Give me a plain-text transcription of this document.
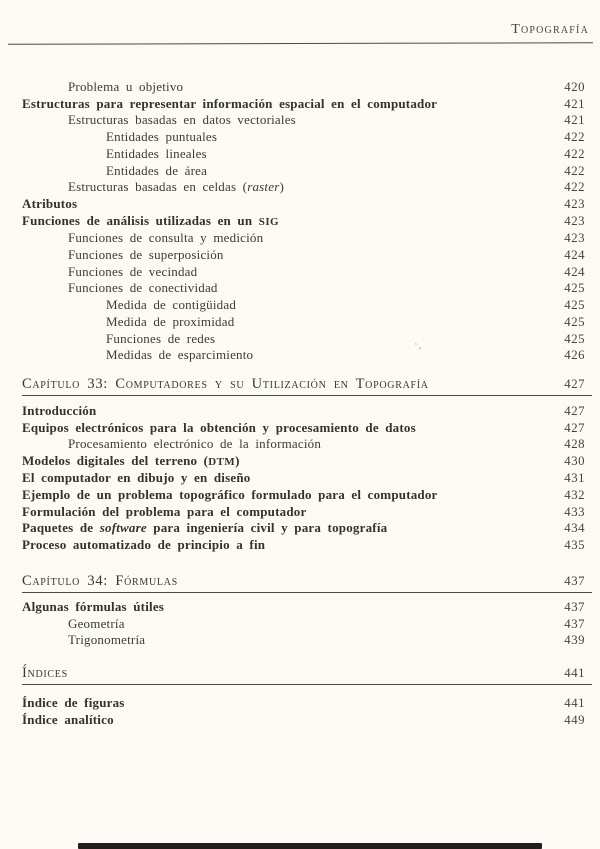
Topografía
·,
Problema u objetivo	420
Estructuras para representar información espacial en el computador	421
Estructuras basadas en datos vectoriales	421
Entidades puntuales	422
Entidades lineales	422
Entidades de área	422
Estructuras basadas en celdas (raster)	422
Atributos	423
Funciones de análisis utilizadas en un SIG	423
Funciones de consulta y medición	423
Funciones de superposición	424
Funciones de vecindad	424
Funciones de conectividad	425
Medida de contigüidad	425
Medida de proximidad	425
Funciones de redes	425
Medidas de esparcimiento	426
Capítulo 33: Computadores y su Utilización en Topografía	427
Introducción	427
Equipos electrónicos para la obtención y procesamiento de datos	427
Procesamiento electrónico de la información	428
Modelos digitales del terreno (DTM)	430
El computador en dibujo y en diseño	431
Ejemplo de un problema topográfico formulado para el computador	432
Formulación del problema para el computador	433
Paquetes de software para ingeniería civil y para topografía	434
Proceso automatizado de principio a fin	435
Capítulo 34: Fórmulas	437
Algunas fórmulas útiles	437
Geometría	437
Trigonometría	439
Índices	441
Índice de figuras	441
Índice analítico	449
